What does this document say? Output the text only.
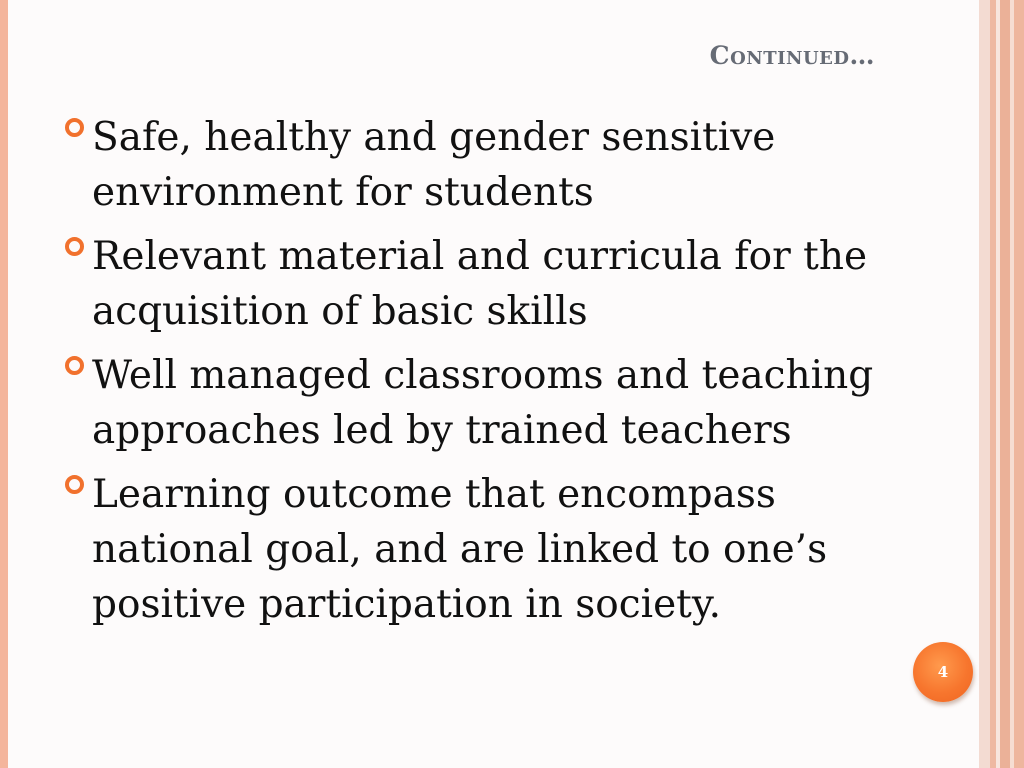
Continued…
Safe, healthy and gender sensitive environment for students
Relevant material and curricula for the acquisition of basic skills
Well managed classrooms and teaching approaches led by trained teachers
Learning outcome that encompass national goal, and are linked to one’s positive participation in society.
4
